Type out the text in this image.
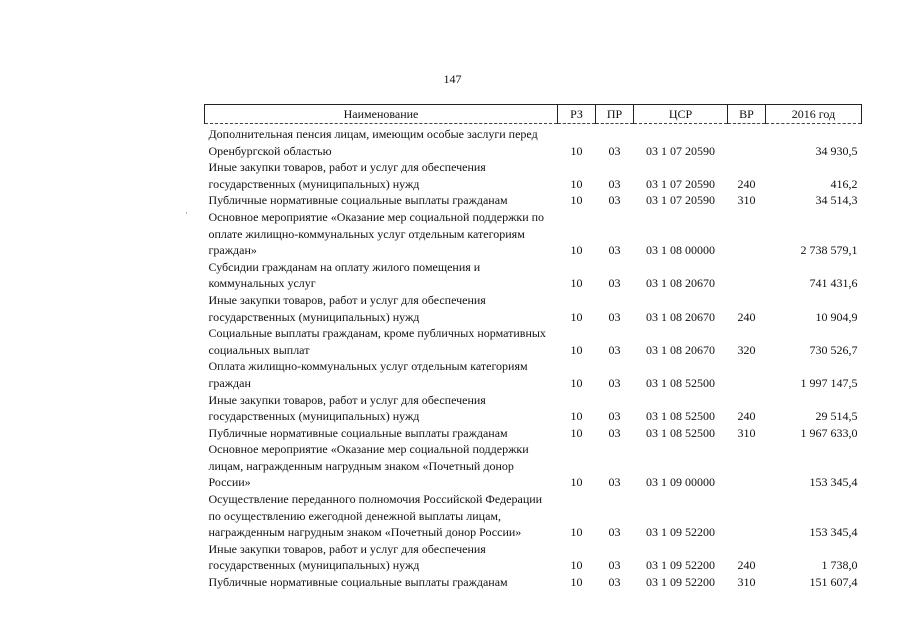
147
·
Наименование	РЗ	ПР	ЦСР	ВР	2016 год
Дополнительная пенсия лицам, имеющим особые заслуги перед Оренбургской областью	10	03	03 1 07 20590		34 930,5
Иные закупки товаров, работ и услуг для обеспечения государственных (муниципальных) нужд	10	03	03 1 07 20590	240	416,2
Публичные нормативные социальные выплаты гражданам	10	03	03 1 07 20590	310	34 514,3
Основное мероприятие «Оказание мер социальной поддержки по оплате жилищно-коммунальных услуг отдельным категориям граждан»	10	03	03 1 08 00000		2 738 579,1
Субсидии гражданам на оплату жилого помещения и коммунальных услуг	10	03	03 1 08 20670		741 431,6
Иные закупки товаров, работ и услуг для обеспечения государственных (муниципальных) нужд	10	03	03 1 08 20670	240	10 904,9
Социальные выплаты гражданам, кроме публичных нормативных социальных выплат	10	03	03 1 08 20670	320	730 526,7
Оплата жилищно-коммунальных услуг отдельным категориям граждан	10	03	03 1 08 52500		1 997 147,5
Иные закупки товаров, работ и услуг для обеспечения государственных (муниципальных) нужд	10	03	03 1 08 52500	240	29 514,5
Публичные нормативные социальные выплаты гражданам	10	03	03 1 08 52500	310	1 967 633,0
Основное мероприятие «Оказание мер социальной поддержки лицам, награжденным нагрудным знаком «Почетный донор России»	10	03	03 1 09 00000		153 345,4
Осуществление переданного полномочия Российской Федерации по осуществлению ежегодной денежной выплаты лицам, награжденным нагрудным знаком «Почетный донор России»	10	03	03 1 09 52200		153 345,4
Иные закупки товаров, работ и услуг для обеспечения государственных (муниципальных) нужд	10	03	03 1 09 52200	240	1 738,0
Публичные нормативные социальные выплаты гражданам	10	03	03 1 09 52200	310	151 607,4
